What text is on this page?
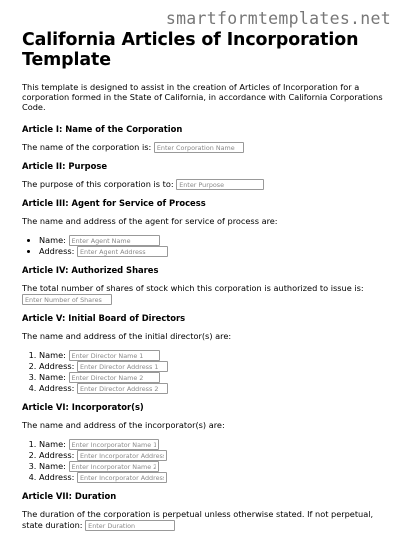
smartformtemplates.net
California Articles of Incorporation Template

This template is designed to assist in the creation of Articles of Incorporation for a corporation formed in the State of California, in accordance with California Corporations Code.

Article I: Name of the Corporation
The name of the corporation is: Enter Corporation Name
Article II: Purpose
The purpose of this corporation is to: Enter Purpose
Article III: Agent for Service of Process
The name and address of the agent for service of process are:
• Name: Enter Agent Name
• Address: Enter Agent Address
Article IV: Authorized Shares
The total number of shares of stock which this corporation is authorized to issue is: Enter Number of Shares
Article V: Initial Board of Directors
The name and address of the initial director(s) are:
1. Name: Enter Director Name 1
2. Address: Enter Director Address 1
3. Name: Enter Director Name 2
4. Address: Enter Director Address 2
Article VI: Incorporator(s)
The name and address of the incorporator(s) are:
1. Name: Enter Incorporator Name 1
2. Address: Enter Incorporator Address 1
3. Name: Enter Incorporator Name 2
4. Address: Enter Incorporator Address 2
Article VII: Duration
The duration of the corporation is perpetual unless otherwise stated. If not perpetual, state duration: Enter Duration
